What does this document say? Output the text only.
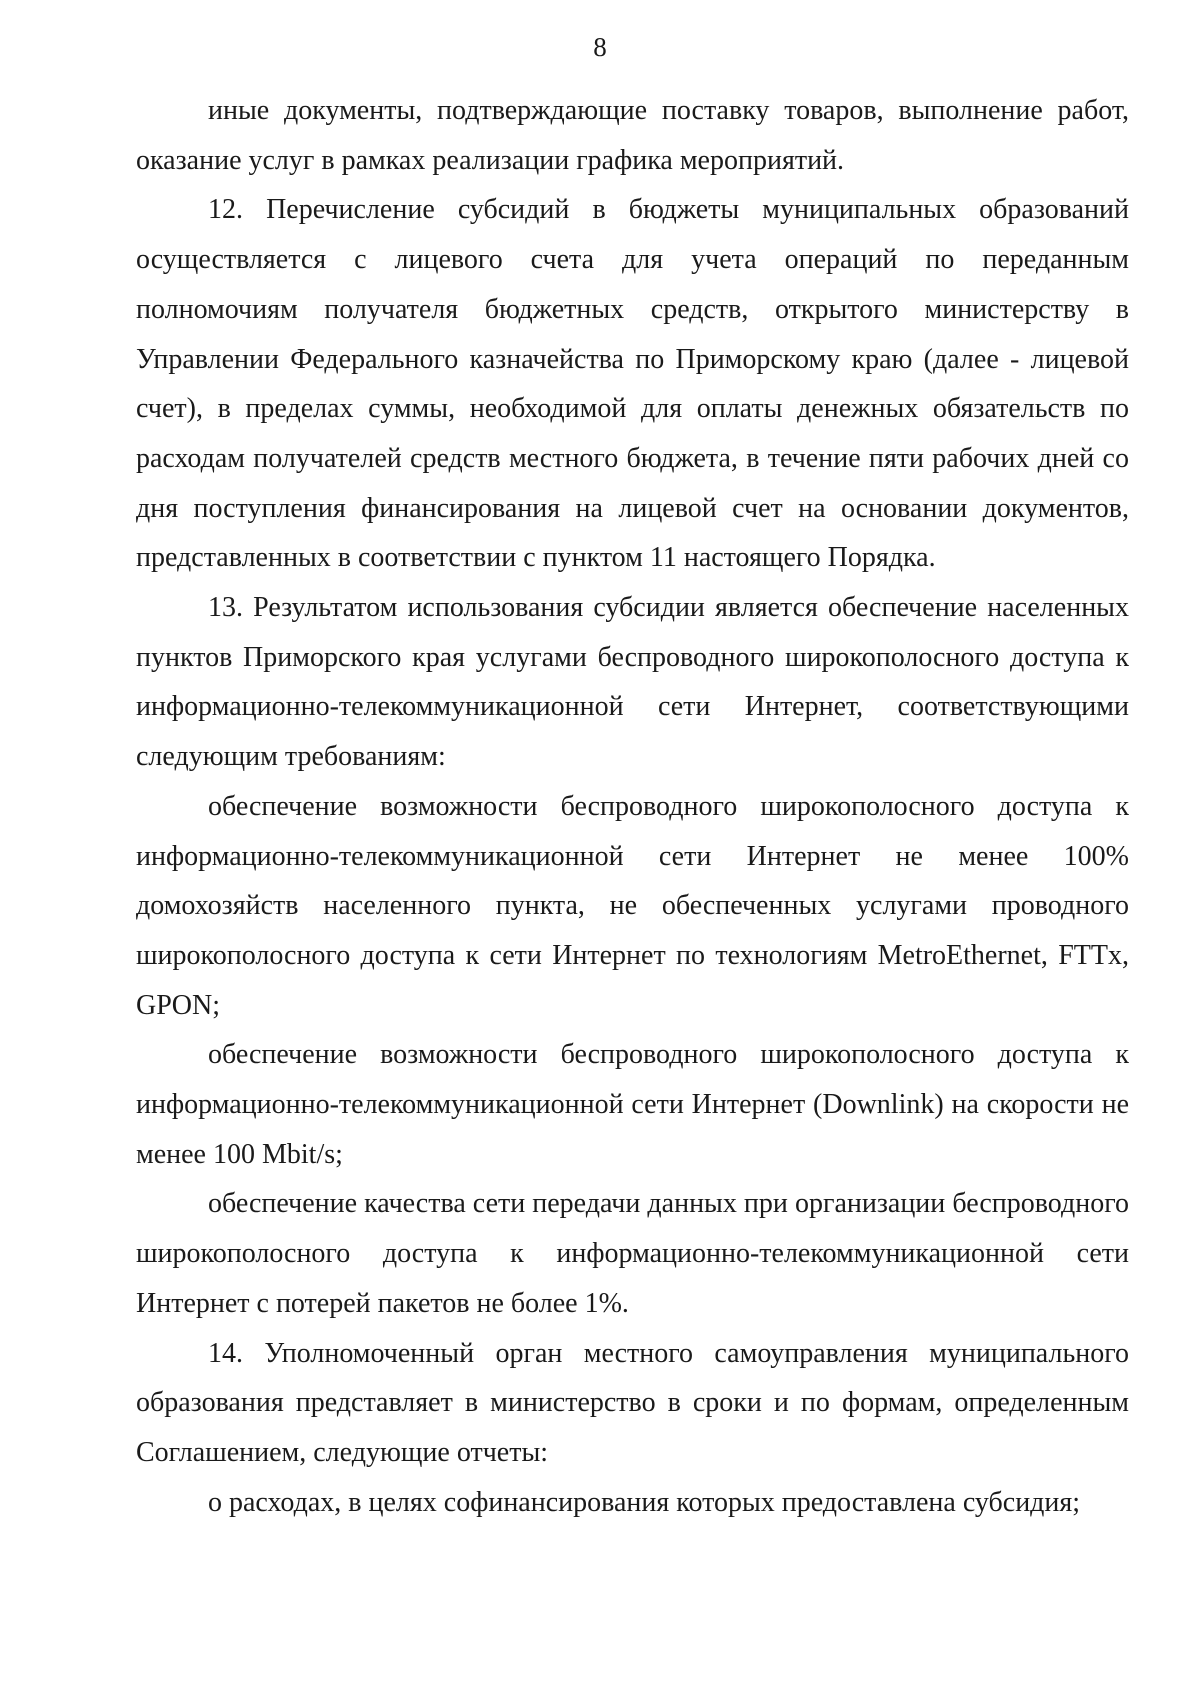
8

иные документы, подтверждающие поставку товаров, выполнение работ, оказание услуг в рамках реализации графика мероприятий.

12. Перечисление субсидий в бюджеты муниципальных образований осуществляется с лицевого счета для учета операций по переданным полномочиям получателя бюджетных средств, открытого министерству в Управлении Федерального казначейства по Приморскому краю (далее - лицевой счет), в пределах суммы, необходимой для оплаты денежных обязательств по расходам получателей средств местного бюджета, в течение пяти рабочих дней со дня поступления финансирования на лицевой счет на основании документов, представленных в соответствии с пунктом 11 настоящего Порядка.

13. Результатом использования субсидии является обеспечение населенных пунктов Приморского края услугами беспроводного широкополосного доступа к информационно-телекоммуникационной сети Интернет, соответствующими следующим требованиям:

обеспечение возможности беспроводного широкополосного доступа к информационно-телекоммуникационной сети Интернет не менее 100% домохозяйств населенного пункта, не обеспеченных услугами проводного широкополосного доступа к сети Интернет по технологиям MetroEthernet, FTTx, GPON;

обеспечение возможности беспроводного широкополосного доступа к информационно-телекоммуникационной сети Интернет (Downlink) на скорости не менее 100 Mbit/s;

обеспечение качества сети передачи данных при организации беспроводного широкополосного доступа к информационно-телекоммуникационной сети Интернет с потерей пакетов не более 1%.

14. Уполномоченный орган местного самоуправления муниципального образования представляет в министерство в сроки и по формам, определенным Соглашением, следующие отчеты:

о расходах, в целях софинансирования которых предоставлена субсидия;
